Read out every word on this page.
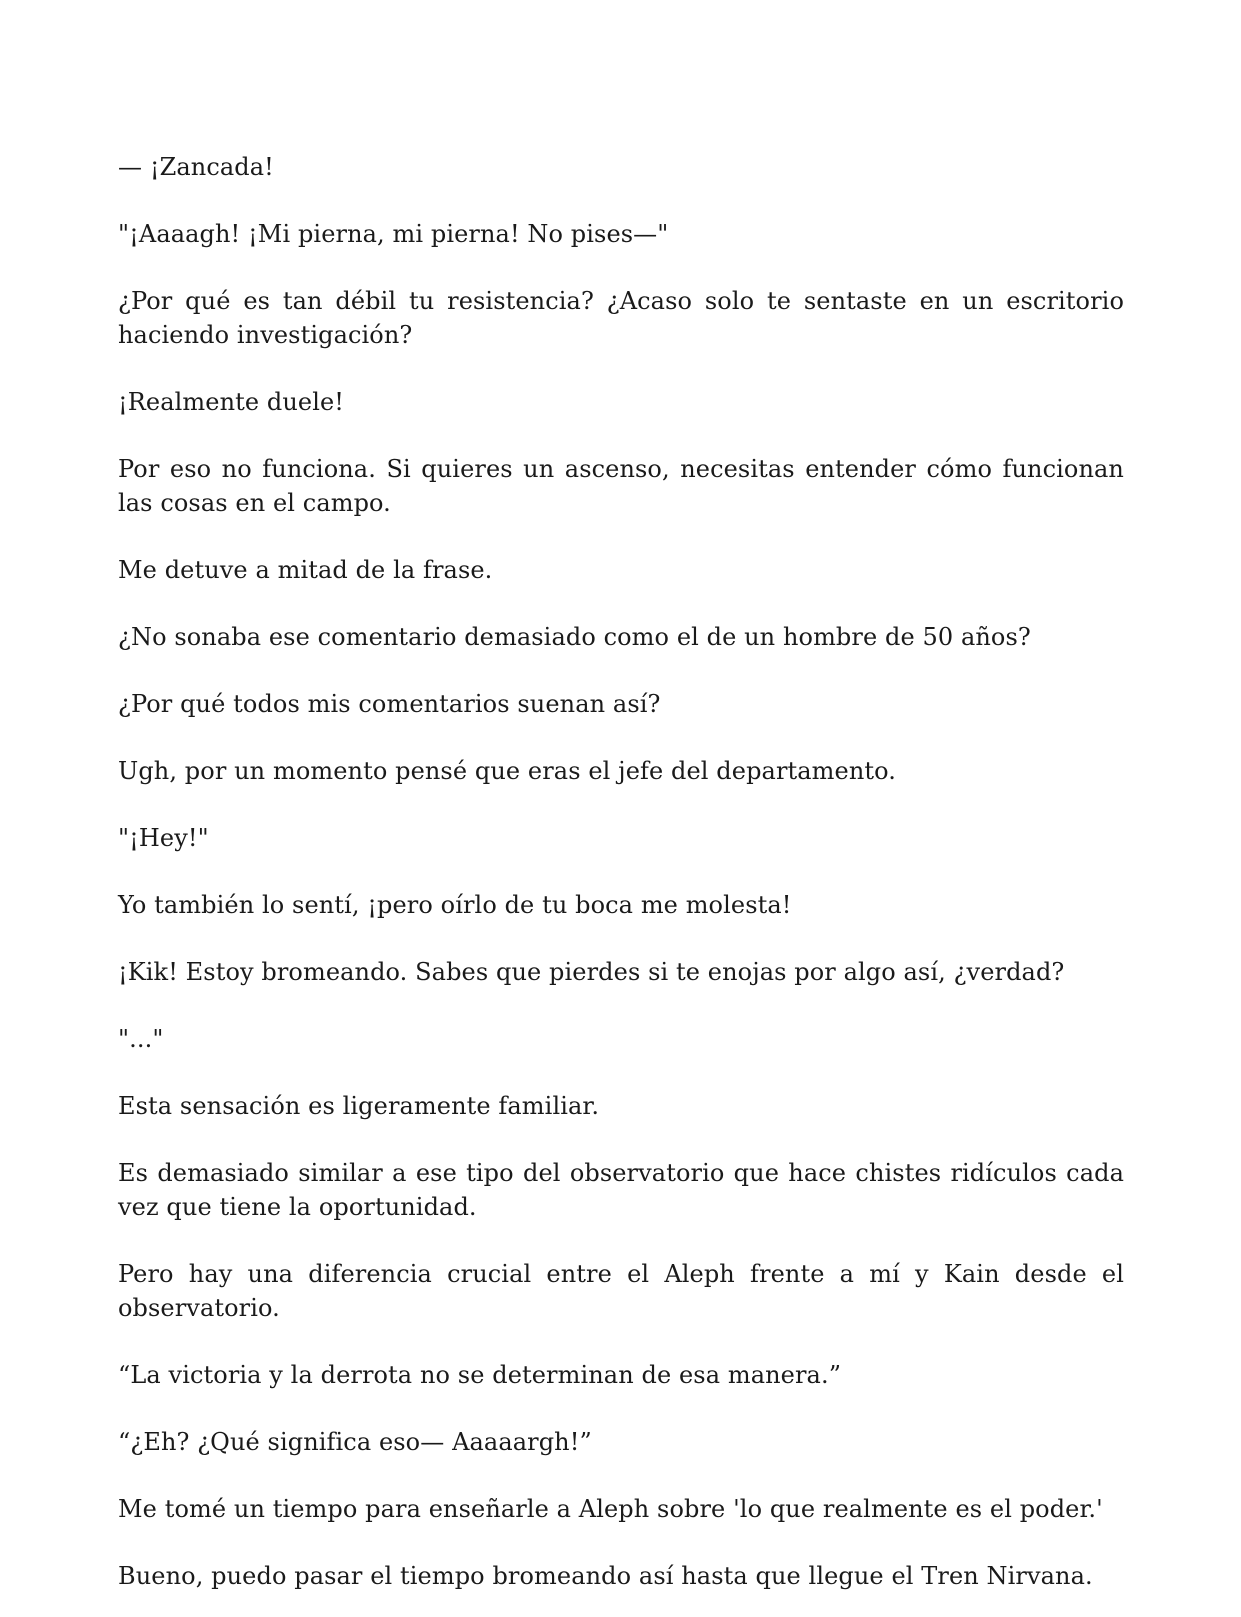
— ¡Zancada!

"¡Aaaagh! ¡Mi pierna, mi pierna! No pises—"

¿Por qué es tan débil tu resistencia? ¿Acaso solo te sentaste en un escritorio haciendo investigación?

¡Realmente duele!

Por eso no funciona. Si quieres un ascenso, necesitas entender cómo funcionan las cosas en el campo.

Me detuve a mitad de la frase.

¿No sonaba ese comentario demasiado como el de un hombre de 50 años?

¿Por qué todos mis comentarios suenan así?

Ugh, por un momento pensé que eras el jefe del departamento.

"¡Hey!"

Yo también lo sentí, ¡pero oírlo de tu boca me molesta!

¡Kik! Estoy bromeando. Sabes que pierdes si te enojas por algo así, ¿verdad?

"..."

Esta sensación es ligeramente familiar.

Es demasiado similar a ese tipo del observatorio que hace chistes ridículos cada vez que tiene la oportunidad.

Pero hay una diferencia crucial entre el Aleph frente a mí y Kain desde el observatorio.

“La victoria y la derrota no se determinan de esa manera.”

“¿Eh? ¿Qué significa eso— Aaaaargh!”

Me tomé un tiempo para enseñarle a Aleph sobre 'lo que realmente es el poder.'

Bueno, puedo pasar el tiempo bromeando así hasta que llegue el Tren Nirvana.
